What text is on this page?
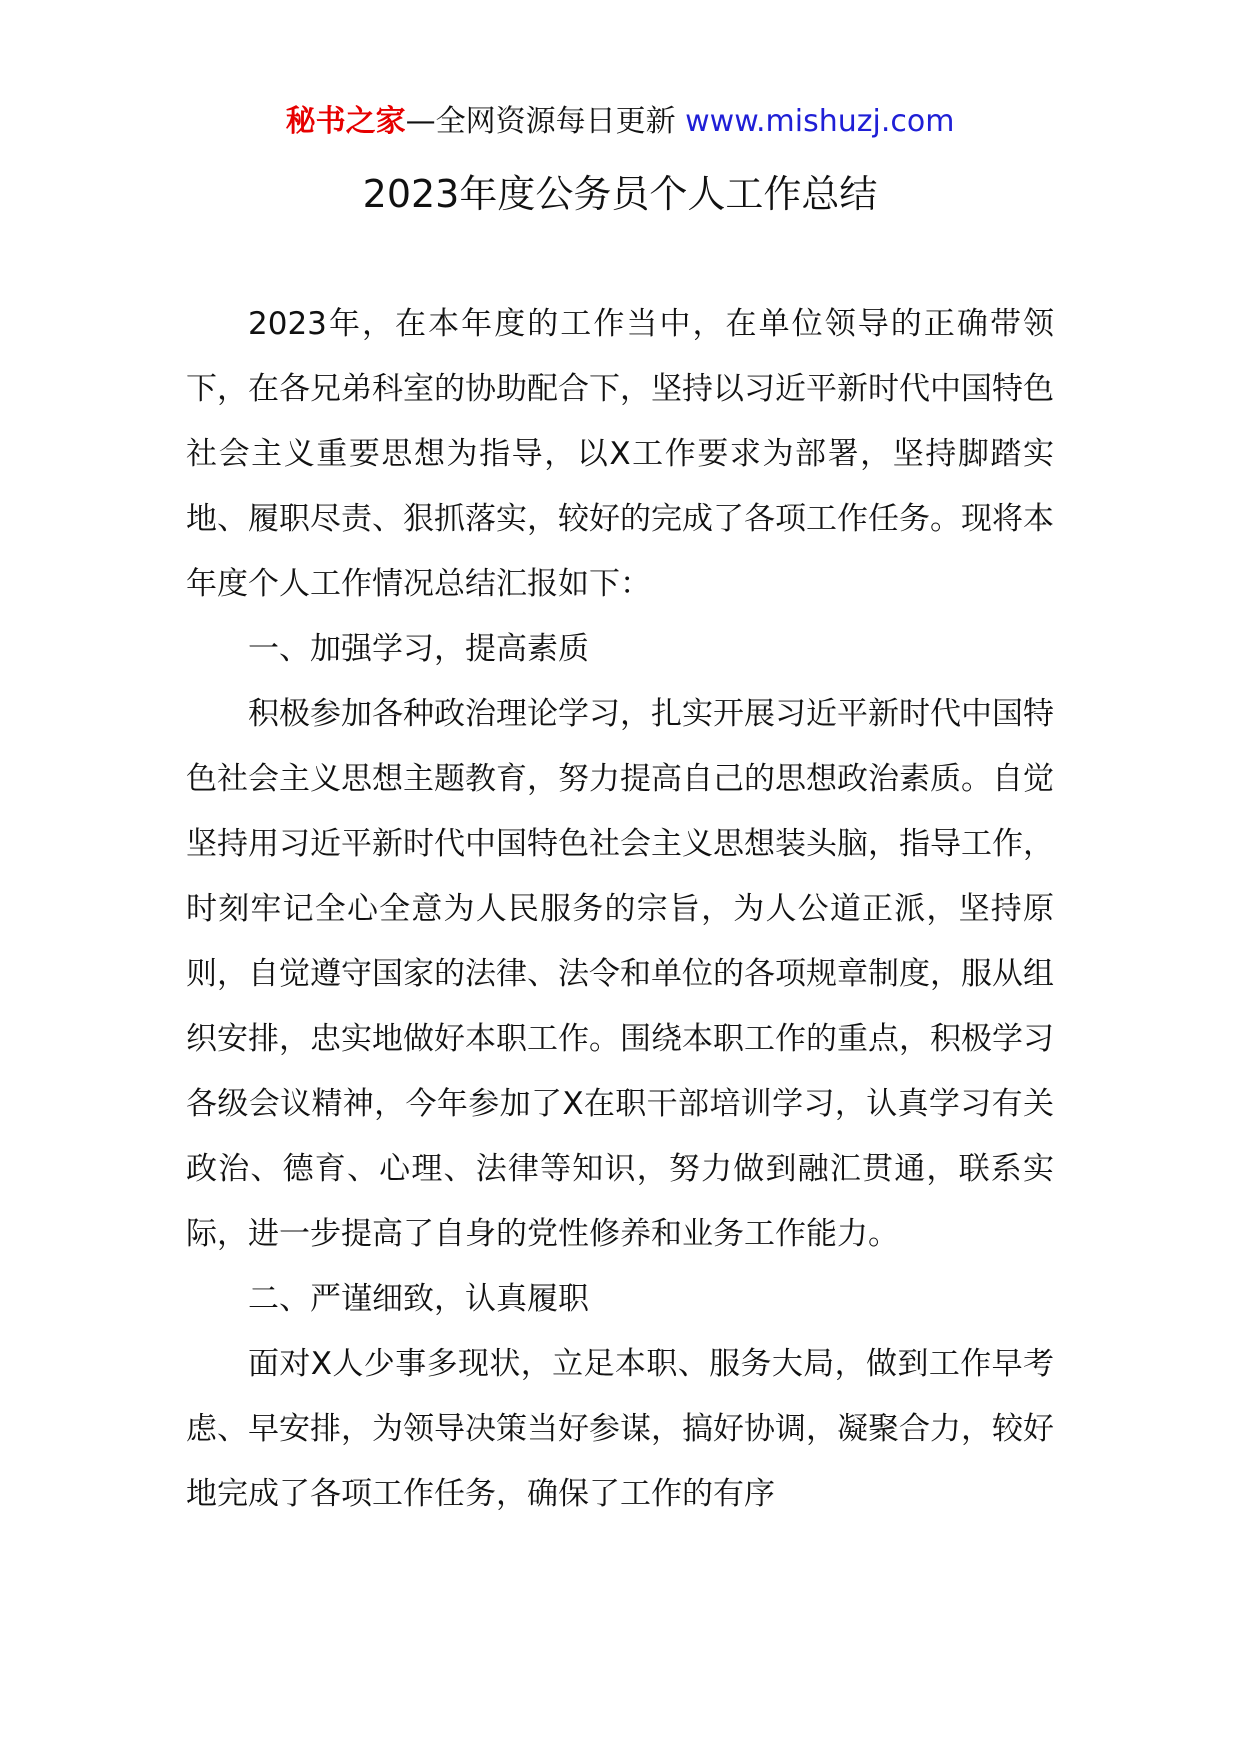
秘书之家—全网资源每日更新 www.mishuzj.com
2023年度公务员个人工作总结

2023年，在本年度的工作当中，在单位领导的正确带领下，在各兄弟科室的协助配合下，坚持以习近平新时代中国特色社会主义重要思想为指导，以X工作要求为部署，坚持脚踏实地、履职尽责、狠抓落实，较好的完成了各项工作任务。现将本年度个人工作情况总结汇报如下：

一、加强学习，提高素质

积极参加各种政治理论学习，扎实开展习近平新时代中国特色社会主义思想主题教育，努力提高自己的思想政治素质。自觉坚持用习近平新时代中国特色社会主义思想装头脑，指导工作，时刻牢记全心全意为人民服务的宗旨，为人公道正派，坚持原则，自觉遵守国家的法律、法令和单位的各项规章制度，服从组织安排，忠实地做好本职工作。围绕本职工作的重点，积极学习各级会议精神，今年参加了X在职干部培训学习，认真学习有关政治、德育、心理、法律等知识，努力做到融汇贯通，联系实际，进一步提高了自身的党性修养和业务工作能力。

二、严谨细致，认真履职

面对X人少事多现状，立足本职、服务大局，做到工作早考虑、早安排，为领导决策当好参谋，搞好协调，凝聚合力，较好地完成了各项工作任务，确保了工作的有序
